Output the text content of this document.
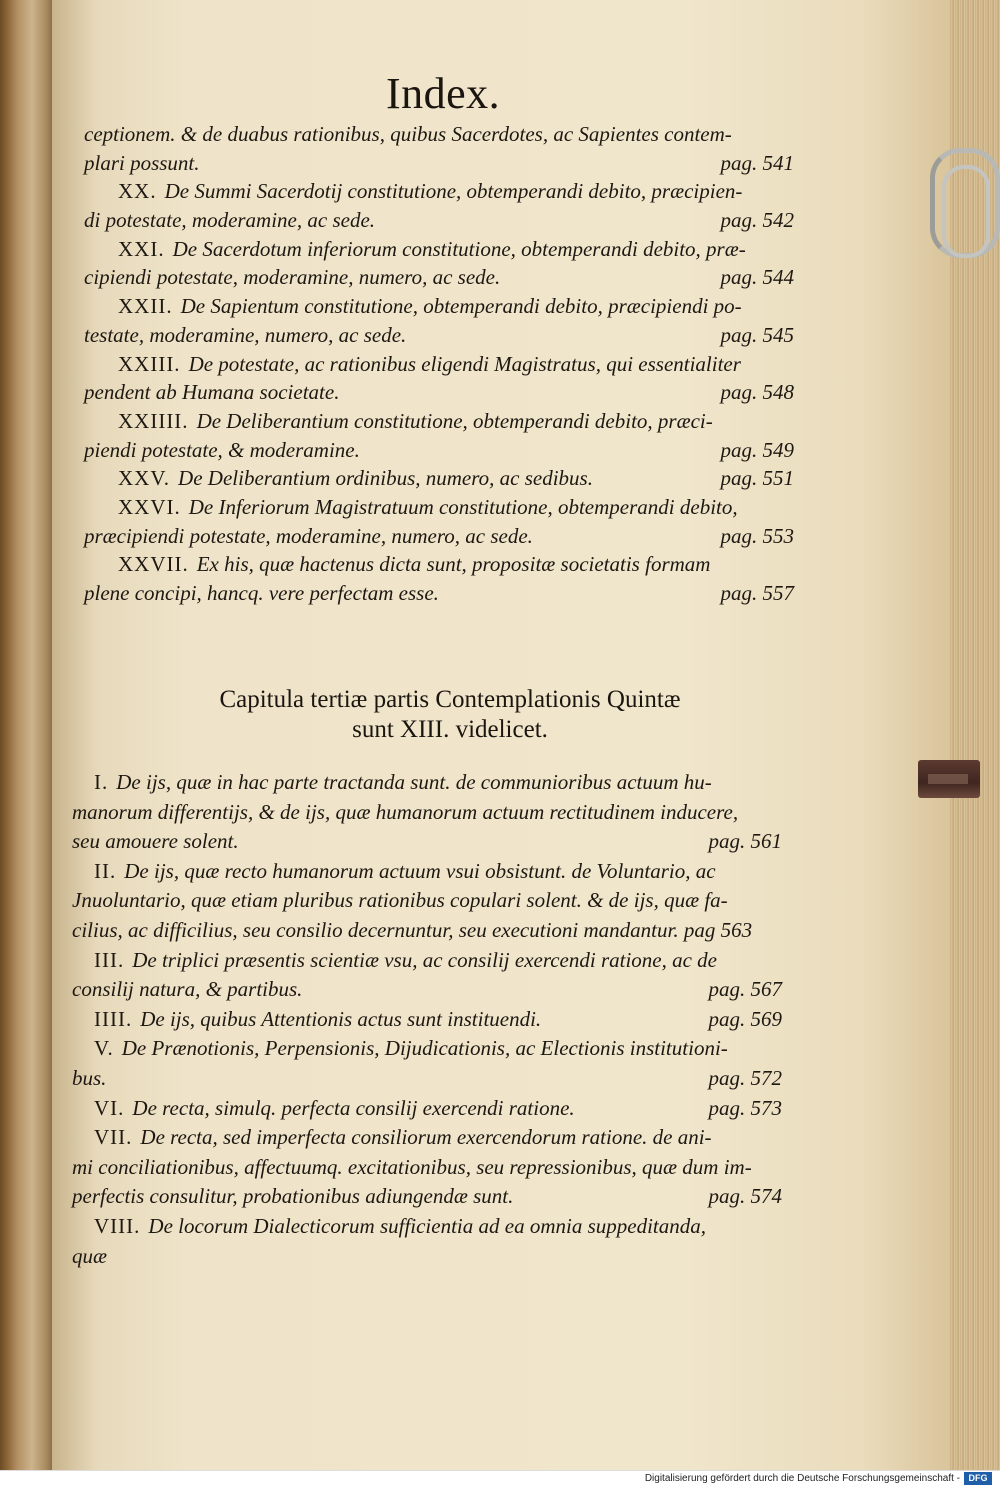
Index.
ceptionem. & de duabus rationibus, quibus Sacerdotes, ac Sapientes contem-
plari possunt.	pag. 541
XX. De Summi Sacerdotij constitutione, obtemperandi debito, præcipien-
di potestate, moderamine, ac sede.	pag. 542
XXI. De Sacerdotum inferiorum constitutione, obtemperandi debito, præ-
cipiendi potestate, moderamine, numero, ac sede.	pag. 544
XXII. De Sapientum constitutione, obtemperandi debito, præcipiendi po-
testate, moderamine, numero, ac sede.	pag. 545
XXIII. De potestate, ac rationibus eligendi Magistratus, qui essentialiter
pendent ab Humana societate.	pag. 548
XXIIII. De Deliberantium constitutione, obtemperandi debito, præci-
piendi potestate, & moderamine.	pag. 549
XXV. De Deliberantium ordinibus, numero, ac sedibus.	pag. 551
XXVI. De Inferiorum Magistratuum constitutione, obtemperandi debito,
præcipiendi potestate, moderamine, numero, ac sede.	pag. 553
XXVII. Ex his, quæ hactenus dicta sunt, propositæ societatis formam
plene concipi, hancq. vere perfectam esse.	pag. 557
Capitula tertiæ partis Contemplationis Quintæ
sunt XIII. videlicet.
I. De ijs, quæ in hac parte tractanda sunt. de communioribus actuum hu-
manorum differentijs, & de ijs, quæ humanorum actuum rectitudinem inducere,
seu amouere solent.	pag. 561
II. De ijs, quæ recto humanorum actuum vsui obsistunt. de Voluntario, ac
Jnuoluntario, quæ etiam pluribus rationibus copulari solent. & de ijs, quæ fa-
cilius, ac difficilius, seu consilio decernuntur, seu executioni mandantur. pag 563
III. De triplici præsentis scientiæ vsu, ac consilij exercendi ratione, ac de
consilij natura, & partibus.	pag. 567
IIII. De ijs, quibus Attentionis actus sunt instituendi.	pag. 569
V. De Prænotionis, Perpensionis, Dijudicationis, ac Electionis institutioni-
bus.	pag. 572
VI. De recta, simulq. perfecta consilij exercendi ratione.	pag. 573
VII. De recta, sed imperfecta consiliorum exercendorum ratione. de ani-
mi conciliationibus, affectuumq. excitationibus, seu repressionibus, quæ dum im-
perfectis consulitur, probationibus adiungendæ sunt.	pag. 574
VIII. De locorum Dialecticorum sufficientia ad ea omnia suppeditanda,
quæ
Digitalisierung gefördert durch die Deutsche Forschungsgemeinschaft - DFG
